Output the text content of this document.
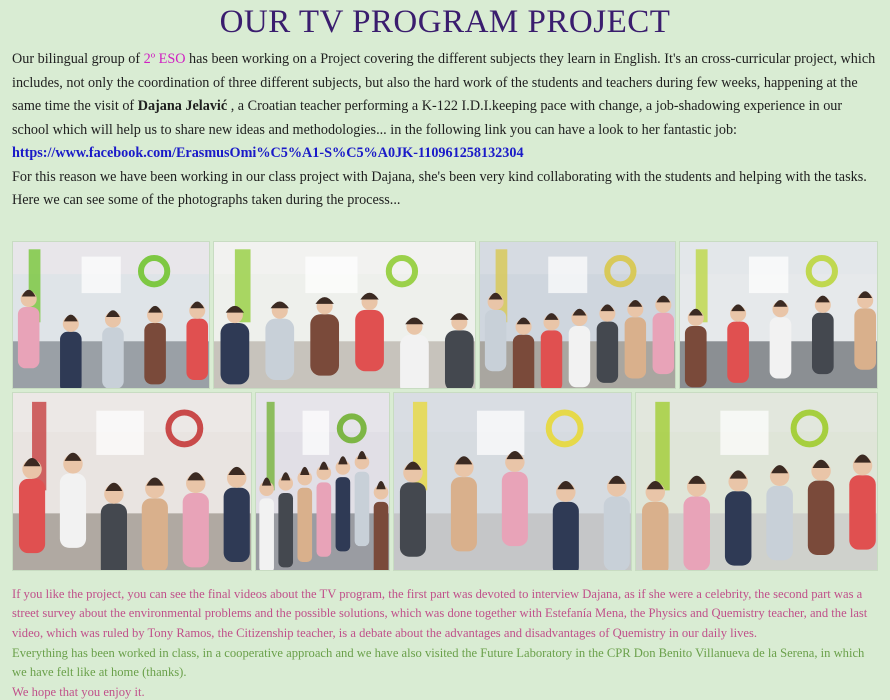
OUR TV PROGRAM PROJECT

Our bilingual group of 2º ESO has been working on a Project covering the different subjects they learn in English. It's an cross-curricular project, which includes, not only the coordination of three different subjects, but also the hard work of the students and teachers during few weeks, happening at the same time the visit of Dajana Jelavić , a Croatian teacher performing a K-122 I.D.I.keeping pace with change, a job-shadowing experience in our school which will help us to share new ideas and methodologies... in the following link you can have a look to her fantastic job:
https://www.facebook.com/ErasmusOmi%C5%A1-S%C5%A0JK-110961258132304
For this reason we have been working in our class project with Dajana, she's been very kind collaborating with the students and helping with the tasks. Here we can see some of the photographs taken during the process...

If you like the project, you can see the final videos about the TV program, the first part was devoted to interview Dajana, as if she were a celebrity, the second part was a street survey about the environmental problems and the possible solutions, which was done together with Estefanía Mena, the Physics and Quemistry teacher, and the last video, which was ruled by Tony Ramos, the Citizenship teacher, is a debate about the advantages and disadvantages of Quemistry in our daily lives.
Everything has been worked in class, in a cooperative approach and we have also visited the Future Laboratory in the CPR Don Benito Villanueva de la Serena, in which we have felt like at home (thanks).
We hope that you enjoy it.
